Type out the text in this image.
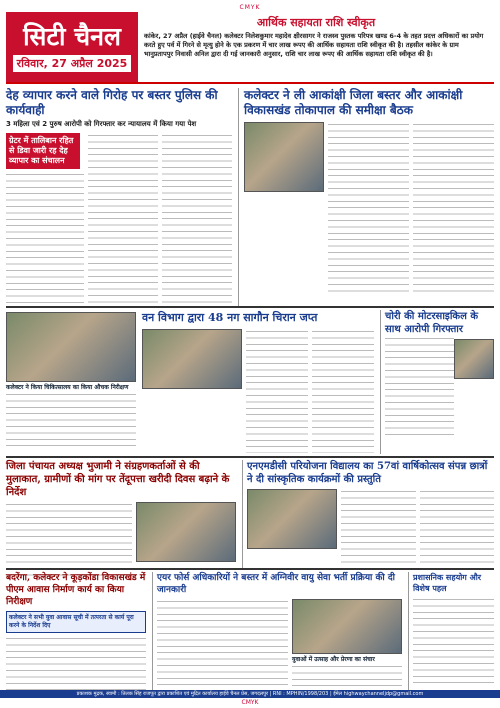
CMYK
सिटी चैनल
रविवार, 27 अप्रैल 2025
आर्थिक सहायता राशि स्वीकृत
कांकेर, 27 अप्रैल (हाईवे चैनल) कलेक्टर निलेशकुमार महादेव क्षीरसागर ने राजस्व पुस्तक परिपत्र खण्ड 6-4 के तहत प्रदत्त अधिकारों का प्रयोग करते हुए पर्व में गिरने से मृत्यु होने के एक प्रकरण में चार लाख रूपए की आर्थिक सहायता राशि स्वीकृत की है। तहसील कांकेर के ग्राम भानुप्रतापपुर निवासी अनिल द्वारा दी गई जानकारी अनुसार, राशि चार लाख रूपए की आर्थिक सहायता राशि स्वीकृत की है।
देह व्यापार करने वाले गिरोह पर बस्तर पुलिस की कार्यवाही
3 महिला एवं 2 पुरुष आरोपी को गिरफ्तार कर न्यायालय में किया गया पेश
ग्रेटर में तालिबान रहित से डिवा जारी रह देह व्यापार का संचालन
कलेक्टर ने ली आकांक्षी जिला बस्तर और आकांक्षी विकासखंड तोकापाल की समीक्षा बैठक
कलेक्टर ने किया चिकित्सालय का किया औचक निरीक्षण
वन विभाग द्वारा 48 नग सागौन चिरान जप्त	चोरी की मोटरसाइकिल के साथ आरोपी गिरफ्तार
जिला पंचायत अध्यक्ष भुजामी ने संग्रहणकर्ताओं से की मुलाकात, ग्रामीणों की मांग पर तेंदूपत्ता खरीदी दिवस बढ़ाने के निर्देश
एनएमडीसी परियोजना विद्यालय का 57वां वार्षिकोत्सव संपन्न छात्रों ने दी सांस्कृतिक कार्यक्रमों की प्रस्तुति
बदरेंगा, कलेक्टर ने कूड़कोंडा विकासखंड में पीएम आवास निर्माण कार्य का किया निरीक्षण
कलेक्टर ने सभी युवा आवास सूची में तत्परता से कार्य पूरा करने के निर्देश दिए
एयर फोर्स अधिकारियों ने बस्तर में अग्निवीर वायु सेवा भर्ती प्रक्रिया की दी जानकारी
युवाओं में उत्साह और प्रेरणा का संचार
प्रशासनिक सहयोग और विशेष पहल
प्रकाशक मुद्रक, स्वामी : तिलक सिंह राजपूत द्वारा प्रकाशित एवं मुद्रित कार्यालय हाईवे चैनल प्रेस, जगदलपुर | RNI : MPHIN/1998/203 | ईमेल highwaychanneljdp@gmail.com
CMYK
